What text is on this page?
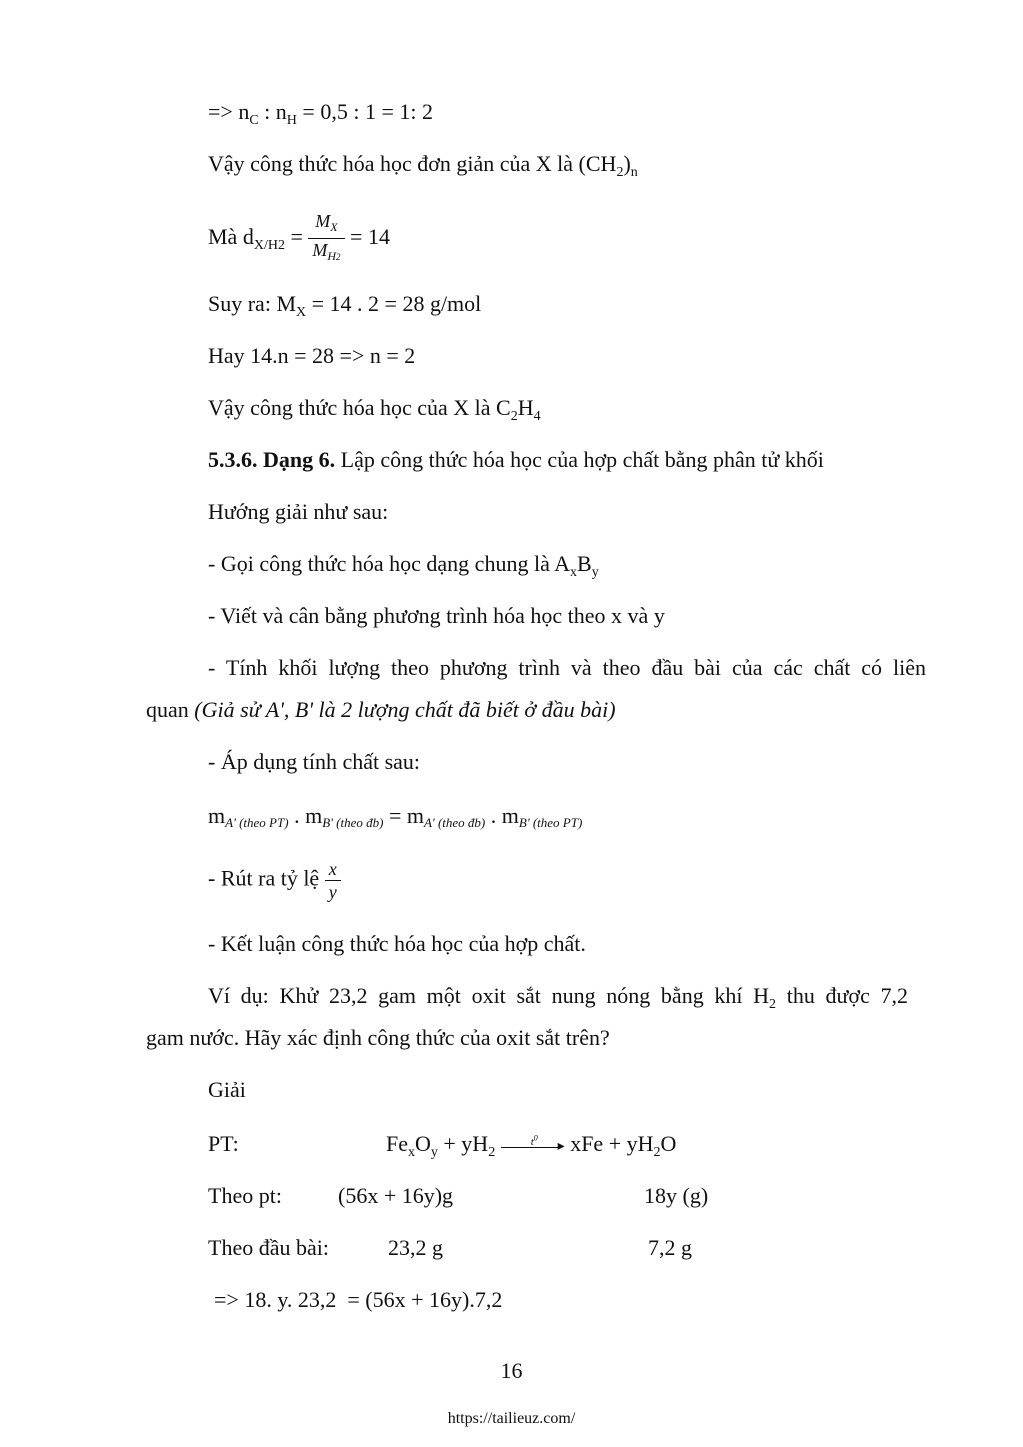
=> $n_C$ : $n_H = 0,5$ : 1 = 1: 2
Vậy công thức hóa học đơn giản của X là $(CH_2)_n$
Mà $d_{X/H2} = \frac{M_X}{M_{H2}} = 14$
Suy ra: $M_X = 14$ . 2 = 28 g/mol
Hay 14.n = 28 => n = 2
Vậy công thức hóa học của X là $C_2H_4$
5.3.6. Dạng 6. Lập công thức hóa học của hợp chất bằng phân tử khối
Hướng giải như sau:
- Gọi công thức hóa học dạng chung là $A_xB_y$
- Viết và cân bằng phương trình hóa học theo x và y
- Tính khối lượng theo phương trình và theo đầu bài của các chất có liên
quan (Giả sử A', B' là 2 lượng chất đã biết ở đầu bài)
- Áp dụng tính chất sau:
mA' (theo PT) . mB' (theo đb) = mA' (theo đb) . mB' (theo PT)
- Rút ra tỷ lệ $\frac{x}{y}$
- Kết luận công thức hóa học của hợp chất.
Ví dụ: Khử 23,2 gam một oxit sắt nung nóng bằng khí $H_2$ thu được 7,2
gam nước. Hãy xác định công thức của oxit sắt trên?
Giải
PT:	$Fe_xO_y + yH_2$
$t^0$
▸ xFe + $yH_2O$
Theo pt:	(56x + 16y)g	18y (g)
Theo đầu bài:	23,2 g	7,2 g
=> 18. y. 23,2  = (56x + 16y).7,2
16
https://tailieuz.com/
